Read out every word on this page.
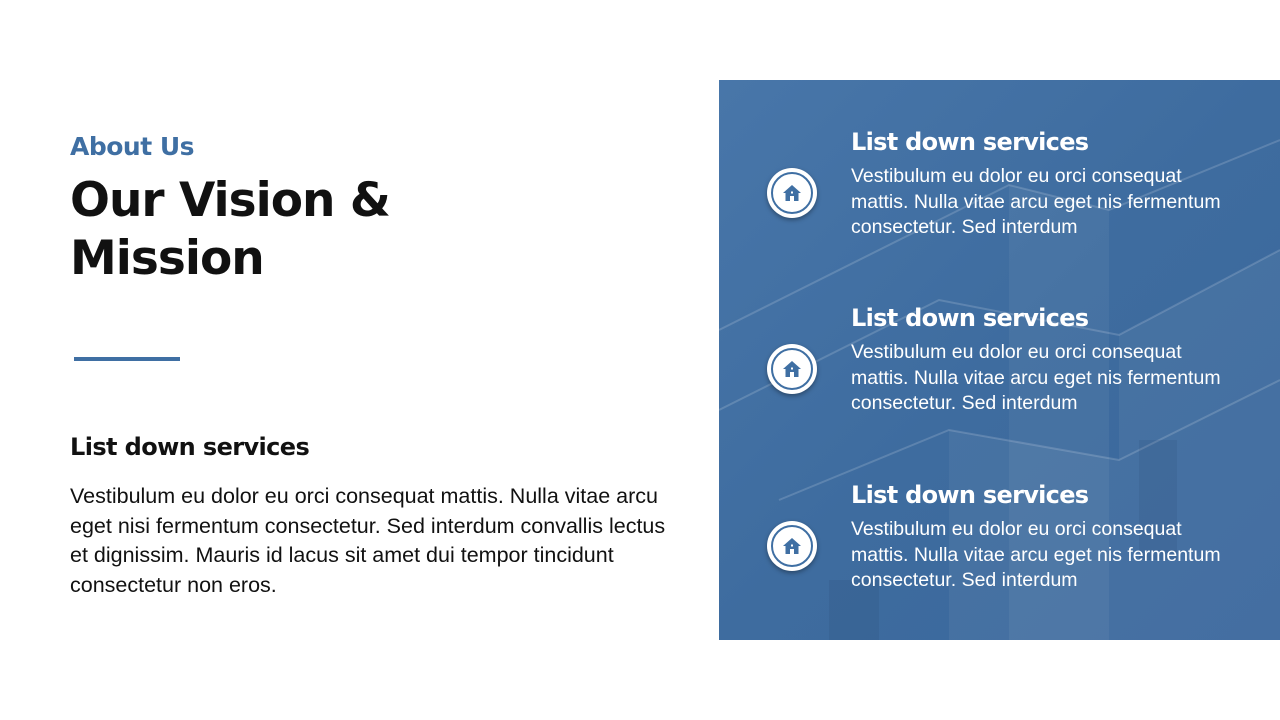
About Us
Our Vision & Mission
List down services
Vestibulum eu dolor eu orci consequat mattis. Nulla vitae arcu eget nisi fermentum consectetur. Sed interdum convallis lectus et dignissim. Mauris id lacus sit amet dui tempor tincidunt consectetur non eros.
List down services
Vestibulum eu dolor eu orci consequat mattis. Nulla vitae arcu eget nis fermentum consectetur. Sed interdum
List down services
Vestibulum eu dolor eu orci consequat mattis. Nulla vitae arcu eget nis fermentum consectetur. Sed interdum
List down services
Vestibulum eu dolor eu orci consequat mattis. Nulla vitae arcu eget nis fermentum consectetur. Sed interdum
